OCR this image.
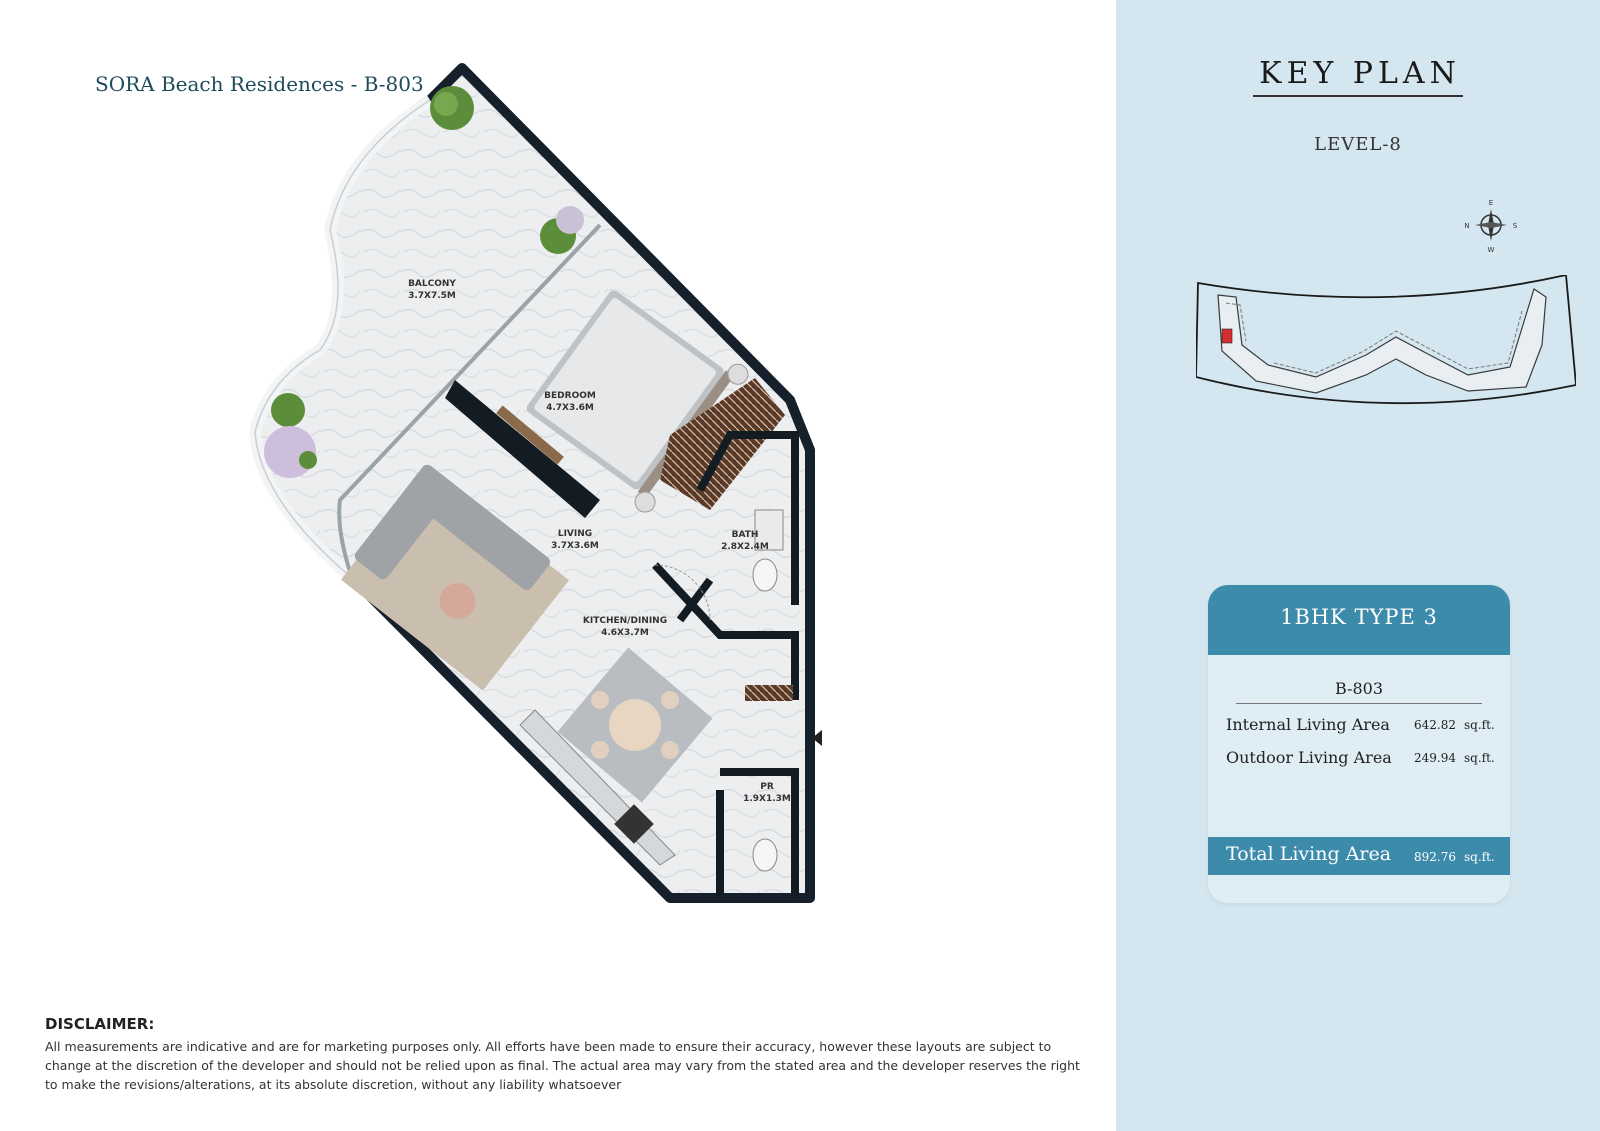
SORA Beach Residences - B-803
BALCONY
3.7X7.5M
BEDROOM
4.7X3.6M
LIVING
3.7X3.6M
BATH
2.8X2.4M
KITCHEN/DINING
4.6X3.7M
PR
1.9X1.3M
DISCLAIMER:

All measurements are indicative and are for marketing purposes only. All efforts have been made to ensure their accuracy, however these layouts are subject to change at the discretion of the developer and should not be relied upon as final. The actual area may vary from the stated area and the developer reserves the right to make the revisions/alterations, at its absolute discretion, without any liability whatsoever

KEY PLAN
LEVEL-8
E
W
N	S
1BHK TYPE 3
B-803
Internal Living Area 642.82 sq.ft.
Outdoor Living Area 249.94 sq.ft.
Total Living Area 892.76 sq.ft.
